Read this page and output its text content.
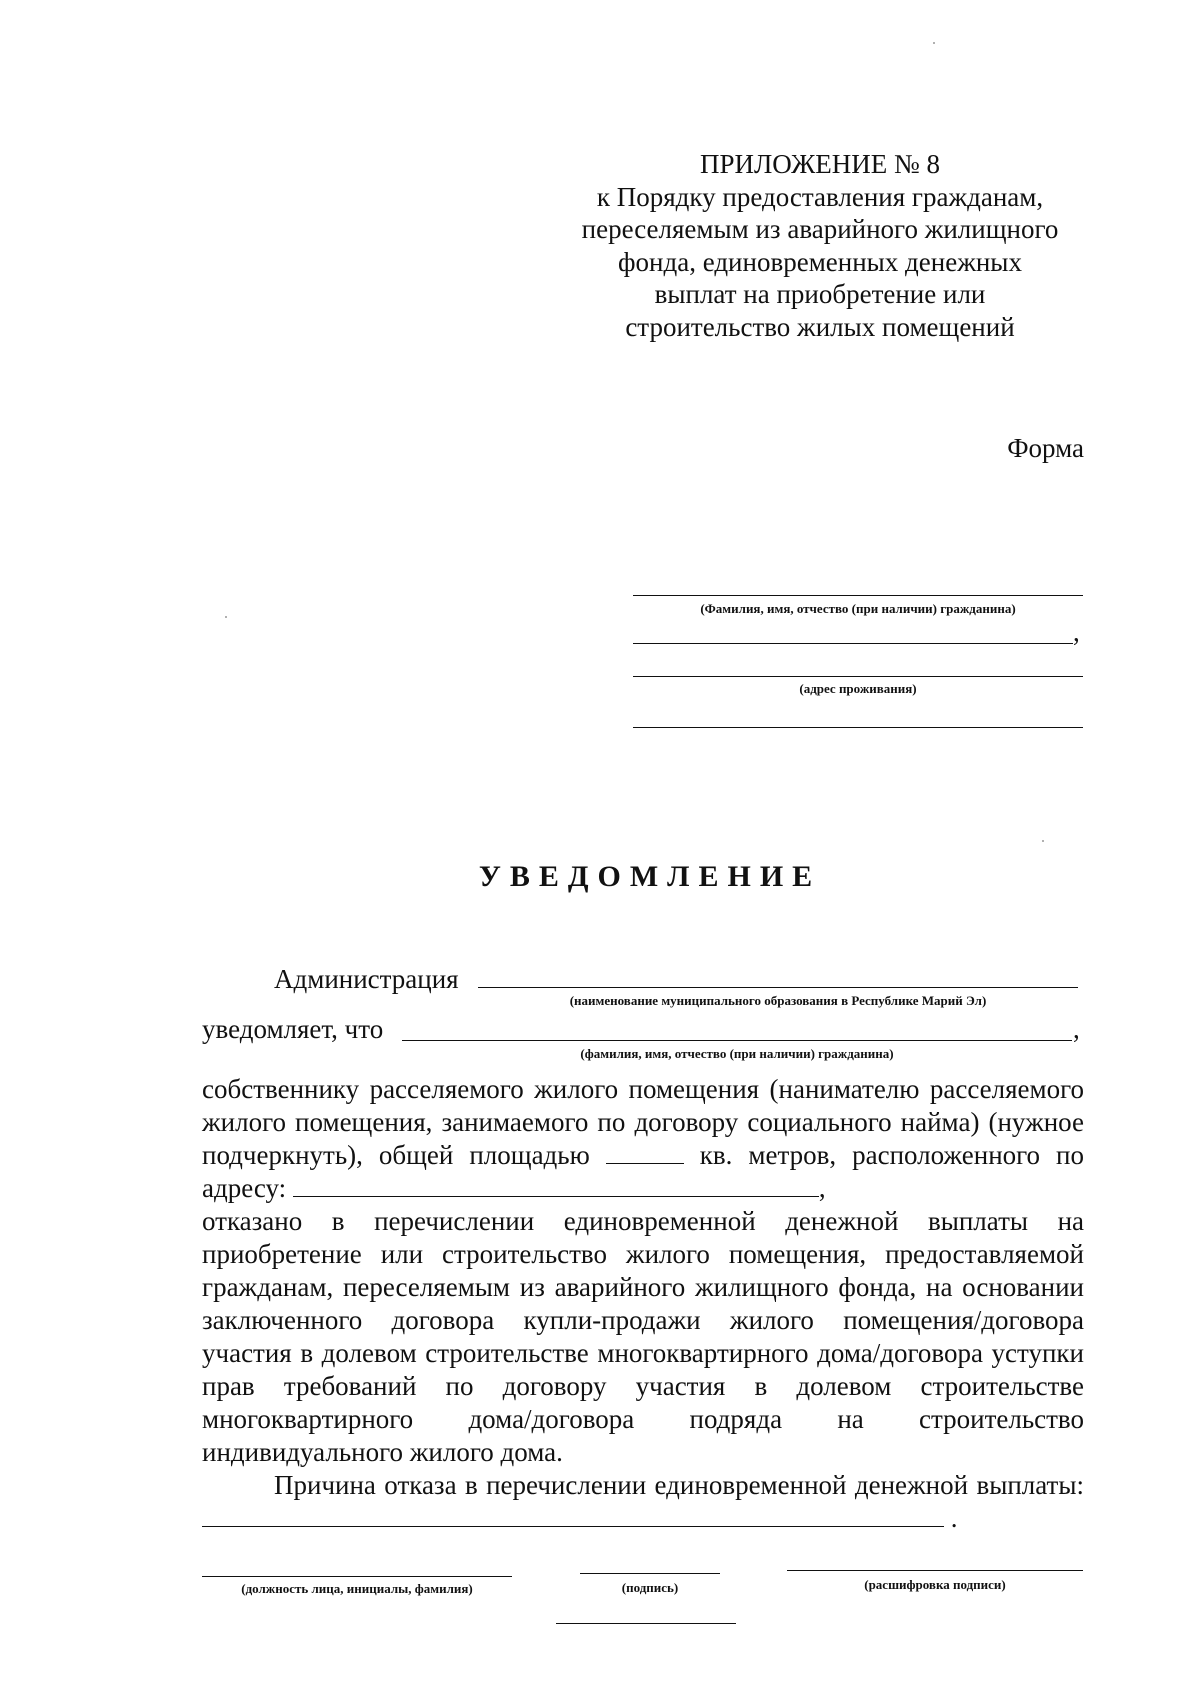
ПРИЛОЖЕНИЕ № 8
к Порядку предоставления гражданам,
переселяемым из аварийного жилищного
фонда, единовременных денежных
выплат на приобретение или
строительство жилых помещений
Форма
(Фамилия, имя, отчество (при наличии) гражданина)
,
(адрес проживания)
УВЕДОМЛЕНИЕ
Администрация
(наименование муниципального образования в Республике Марий Эл)
уведомляет, что	,
(фамилия, имя, отчество (при наличии) гражданина)

собственнику расселяемого жилого помещения (нанимателю расселяемого жилого помещения, занимаемого по договору социального найма) (нужное подчеркнуть), общей площадью	кв. метров, расположенного по адресу:	,

отказано в перечислении единовременной денежной выплаты на приобретение или строительство жилого помещения, предоставляемой гражданам, переселяемым из аварийного жилищного фонда, на основании заключенного договора купли-продажи жилого помещения/договора участия в долевом строительстве многоквартирного дома/договора уступки прав требований по договору участия в долевом строительстве многоквартирного дома/договора подряда на строительство индивидуального жилого дома.

Причина отказа в перечислении единовременной денежной выплаты:  .

(должность лица, инициалы, фамилия)	(подпись)	(расшифровка подписи)
